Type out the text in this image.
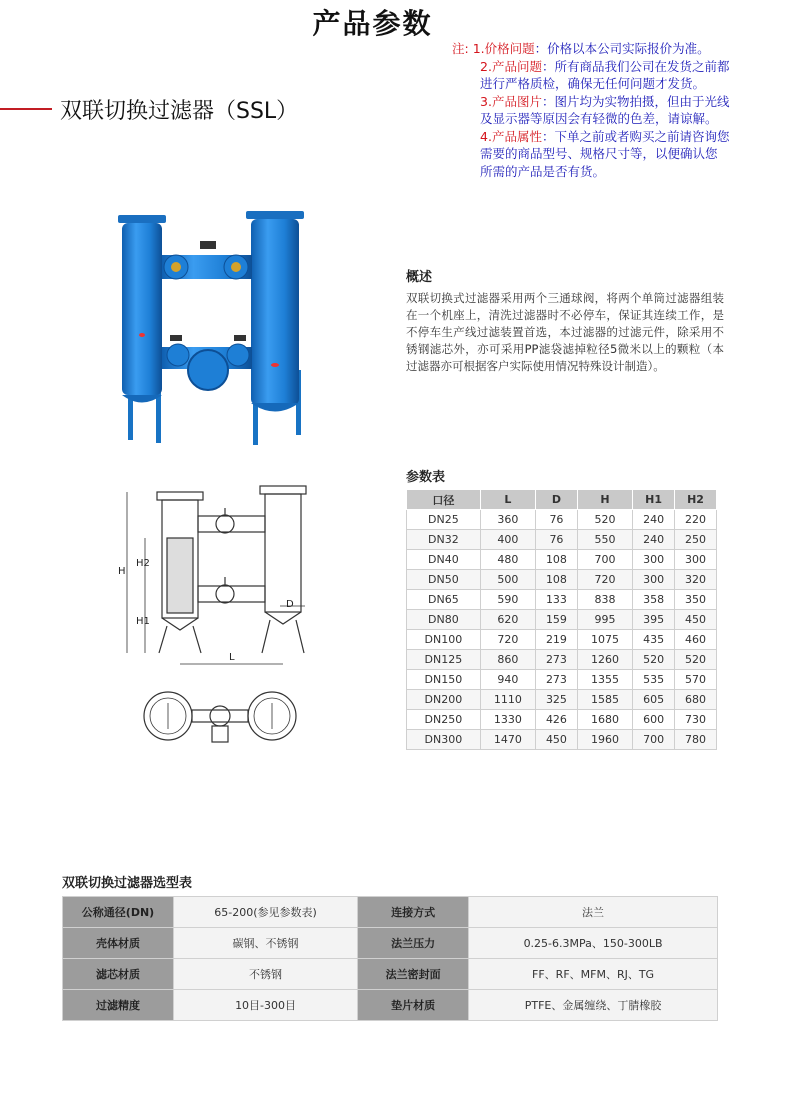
产品参数
双联切换过滤器（SSL）
注: 1.价格问题：价格以本公司实际报价为准。
2.产品问题：所有商品我们公司在发货之前都
进行严格质检，确保无任何问题才发货。
3.产品图片：图片均为实物拍摄，但由于光线
及显示器等原因会有轻微的色差，请谅解。
4.产品属性：下单之前或者购买之前请咨询您
需要的商品型号、规格尺寸等，以便确认您
所需的产品是否有货。
H
H2
H1
L
D
概述
双联切换式过滤器采用两个三通球阀，将两个单筒过滤器组装在一个机座上，清洗过滤器时不必停车，保证其连续工作，是不停车生产线过滤装置首选，本过滤器的过滤元件，除采用不锈钢滤芯外，亦可采用PP滤袋滤掉粒径5微米以上的颗粒（本过滤器亦可根据客户实际使用情况特殊设计制造）。
参数表
口径	L	D	H	H1	H2
DN25	360	76	520	240	220
DN32	400	76	550	240	250
DN40	480	108	700	300	300
DN50	500	108	720	300	320
DN65	590	133	838	358	350
DN80	620	159	995	395	450
DN100	720	219	1075	435	460
DN125	860	273	1260	520	520
DN150	940	273	1355	535	570
DN200	1110	325	1585	605	680
DN250	1330	426	1680	600	730
DN300	1470	450	1960	700	780
双联切换过滤器选型表
公称通径(DN)	65-200(参见参数表)	连接方式	法兰
壳体材质	碳钢、不锈钢	法兰压力	0.25-6.3MPa、150-300LB
滤芯材质	不锈钢	法兰密封面	FF、RF、MFM、RJ、TG
过滤精度	10目-300目	垫片材质	PTFE、金属缠绕、丁腈橡胶
